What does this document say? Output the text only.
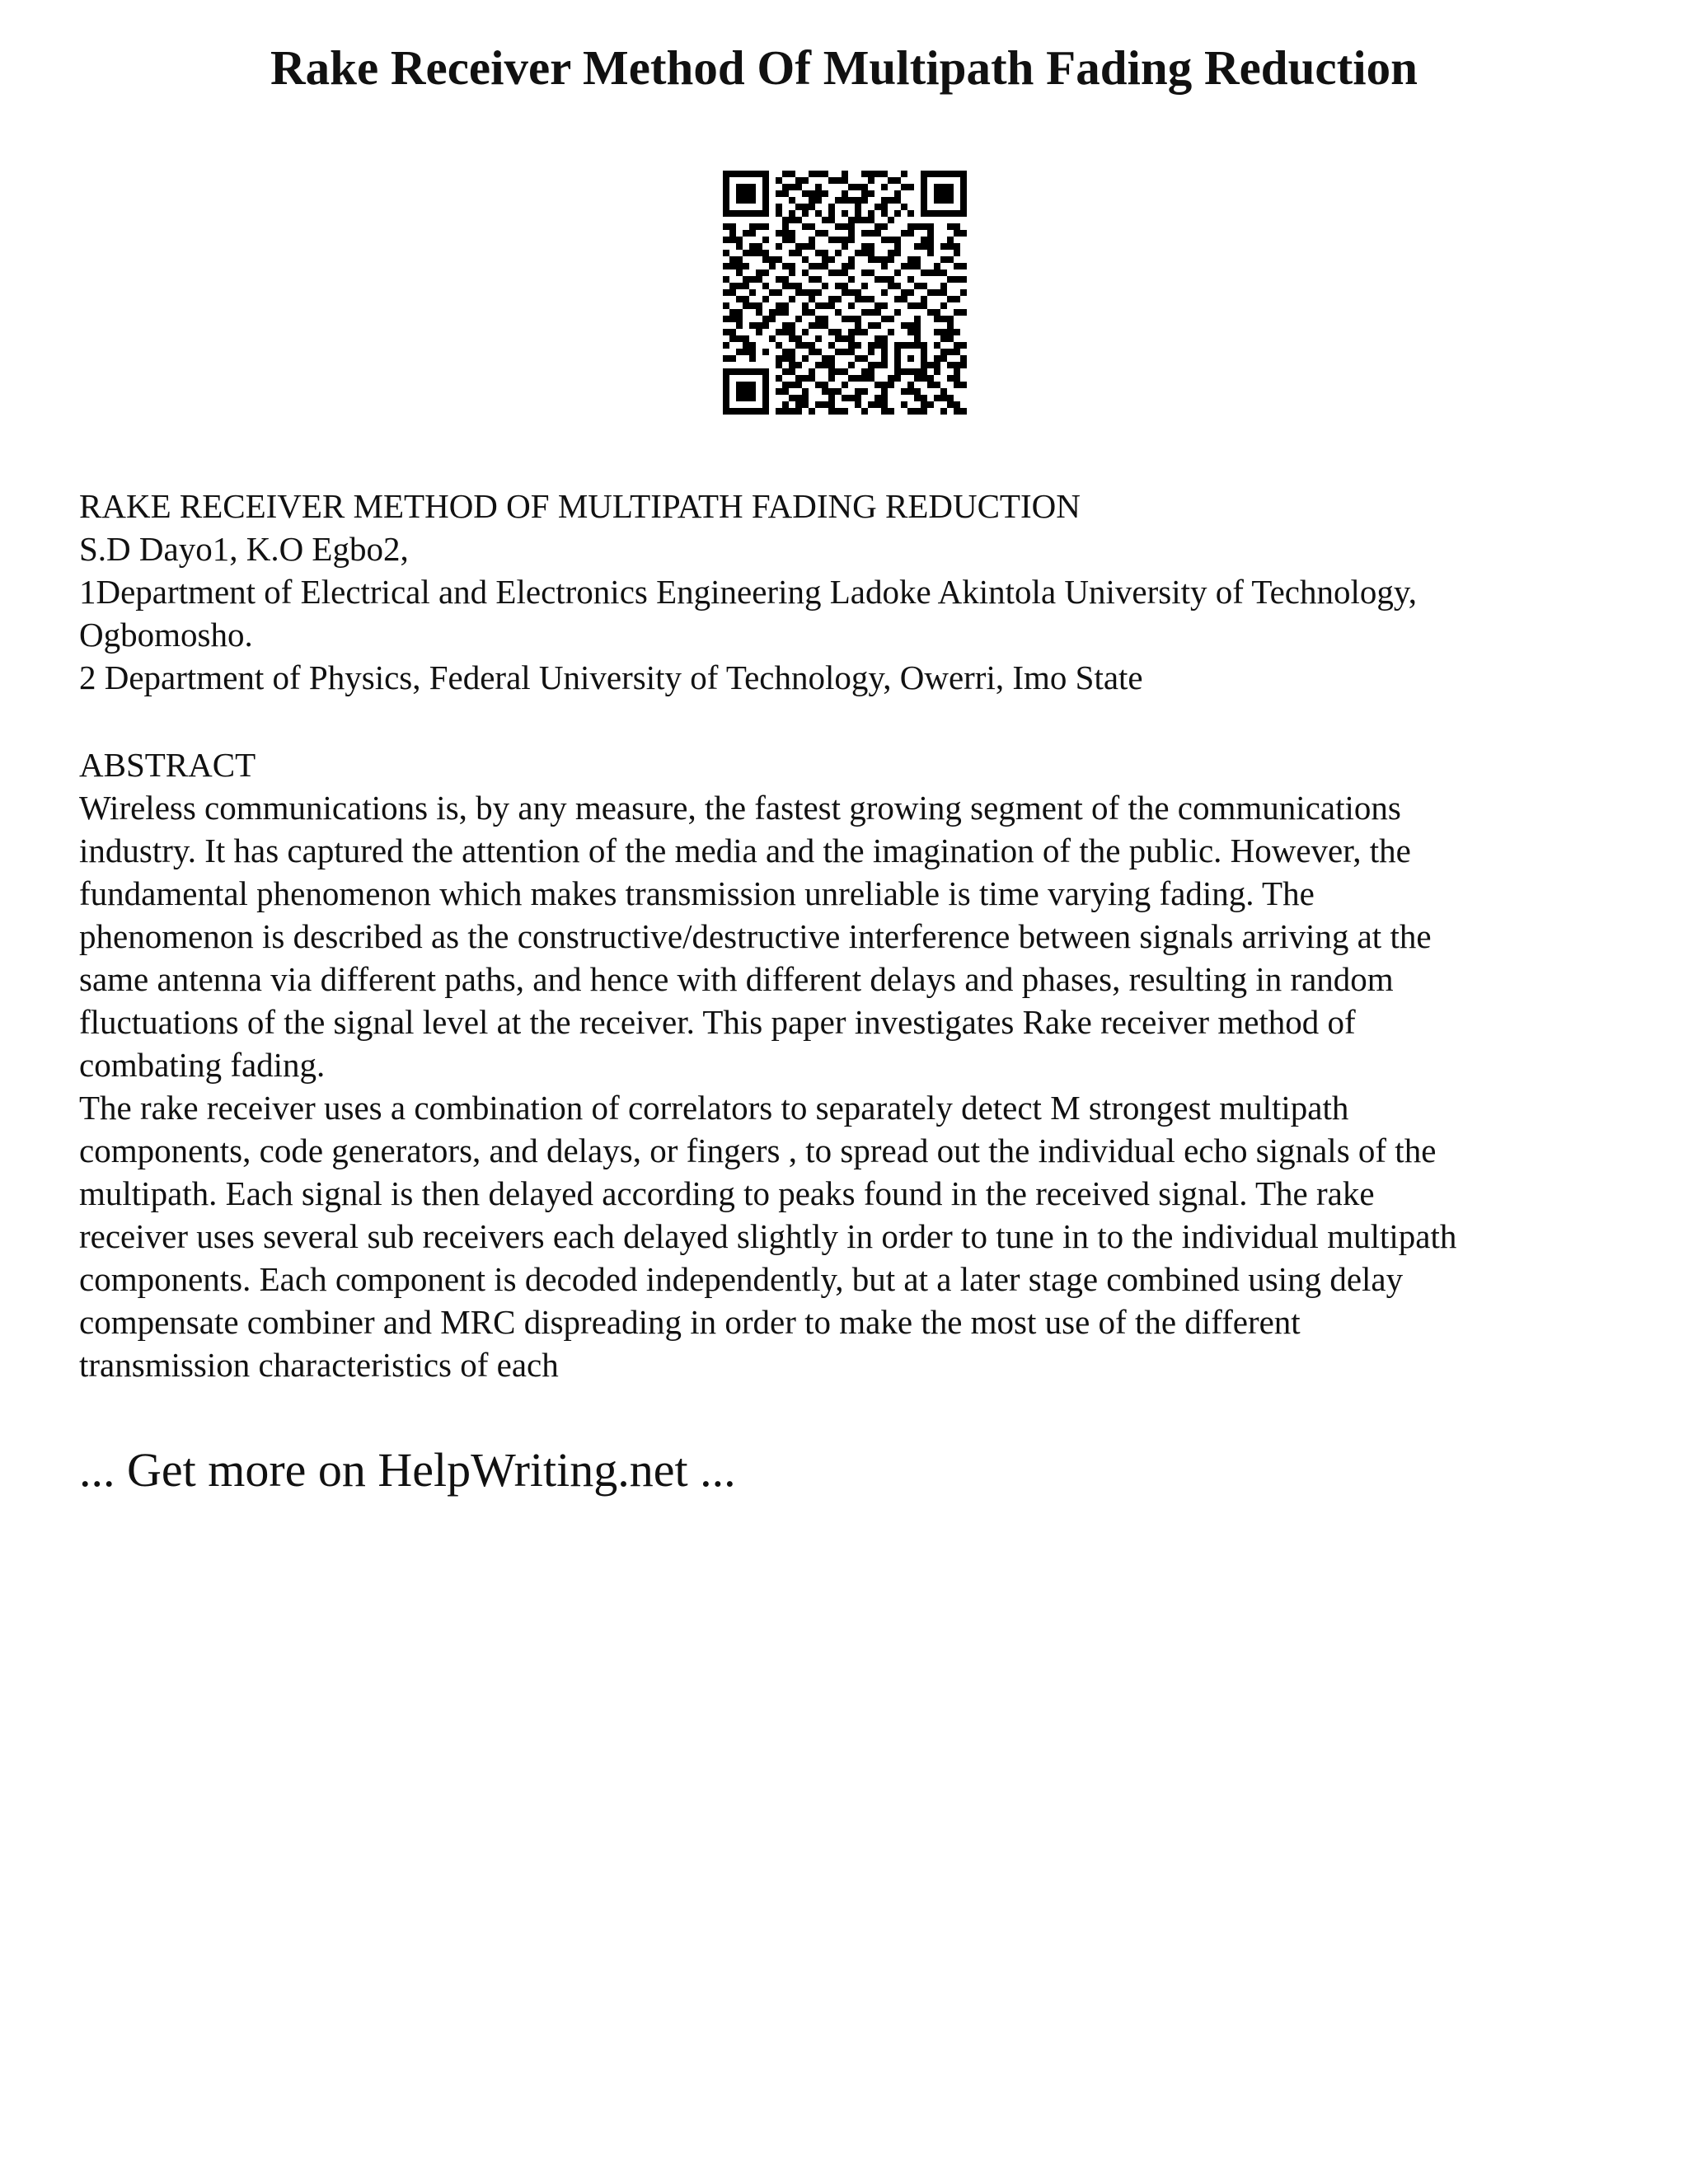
Rake Receiver Method Of Multipath Fading Reduction
RAKE RECEIVER METHOD OF MULTIPATH FADING REDUCTION
S.D Dayo1, K.O Egbo2,
1Department of Electrical and Electronics Engineering Ladoke Akintola University of Technology,
Ogbomosho.
2 Department of Physics, Federal University of Technology, Owerri, Imo State
ABSTRACT
Wireless communications is, by any measure, the fastest growing segment of the communications
industry. It has captured the attention of the media and the imagination of the public. However, the
fundamental phenomenon which makes transmission unreliable is time varying fading. The
phenomenon is described as the constructive/destructive interference between signals arriving at the
same antenna via different paths, and hence with different delays and phases, resulting in random
fluctuations of the signal level at the receiver. This paper investigates Rake receiver method of
combating fading.
The rake receiver uses a combination of correlators to separately detect M strongest multipath
components, code generators, and delays, or fingers , to spread out the individual echo signals of the
multipath. Each signal is then delayed according to peaks found in the received signal. The rake
receiver uses several sub receivers each delayed slightly in order to tune in to the individual multipath
components. Each component is decoded independently, but at a later stage combined using delay
compensate combiner and MRC dispreading in order to make the most use of the different
transmission characteristics of each
... Get more on HelpWriting.net ...
